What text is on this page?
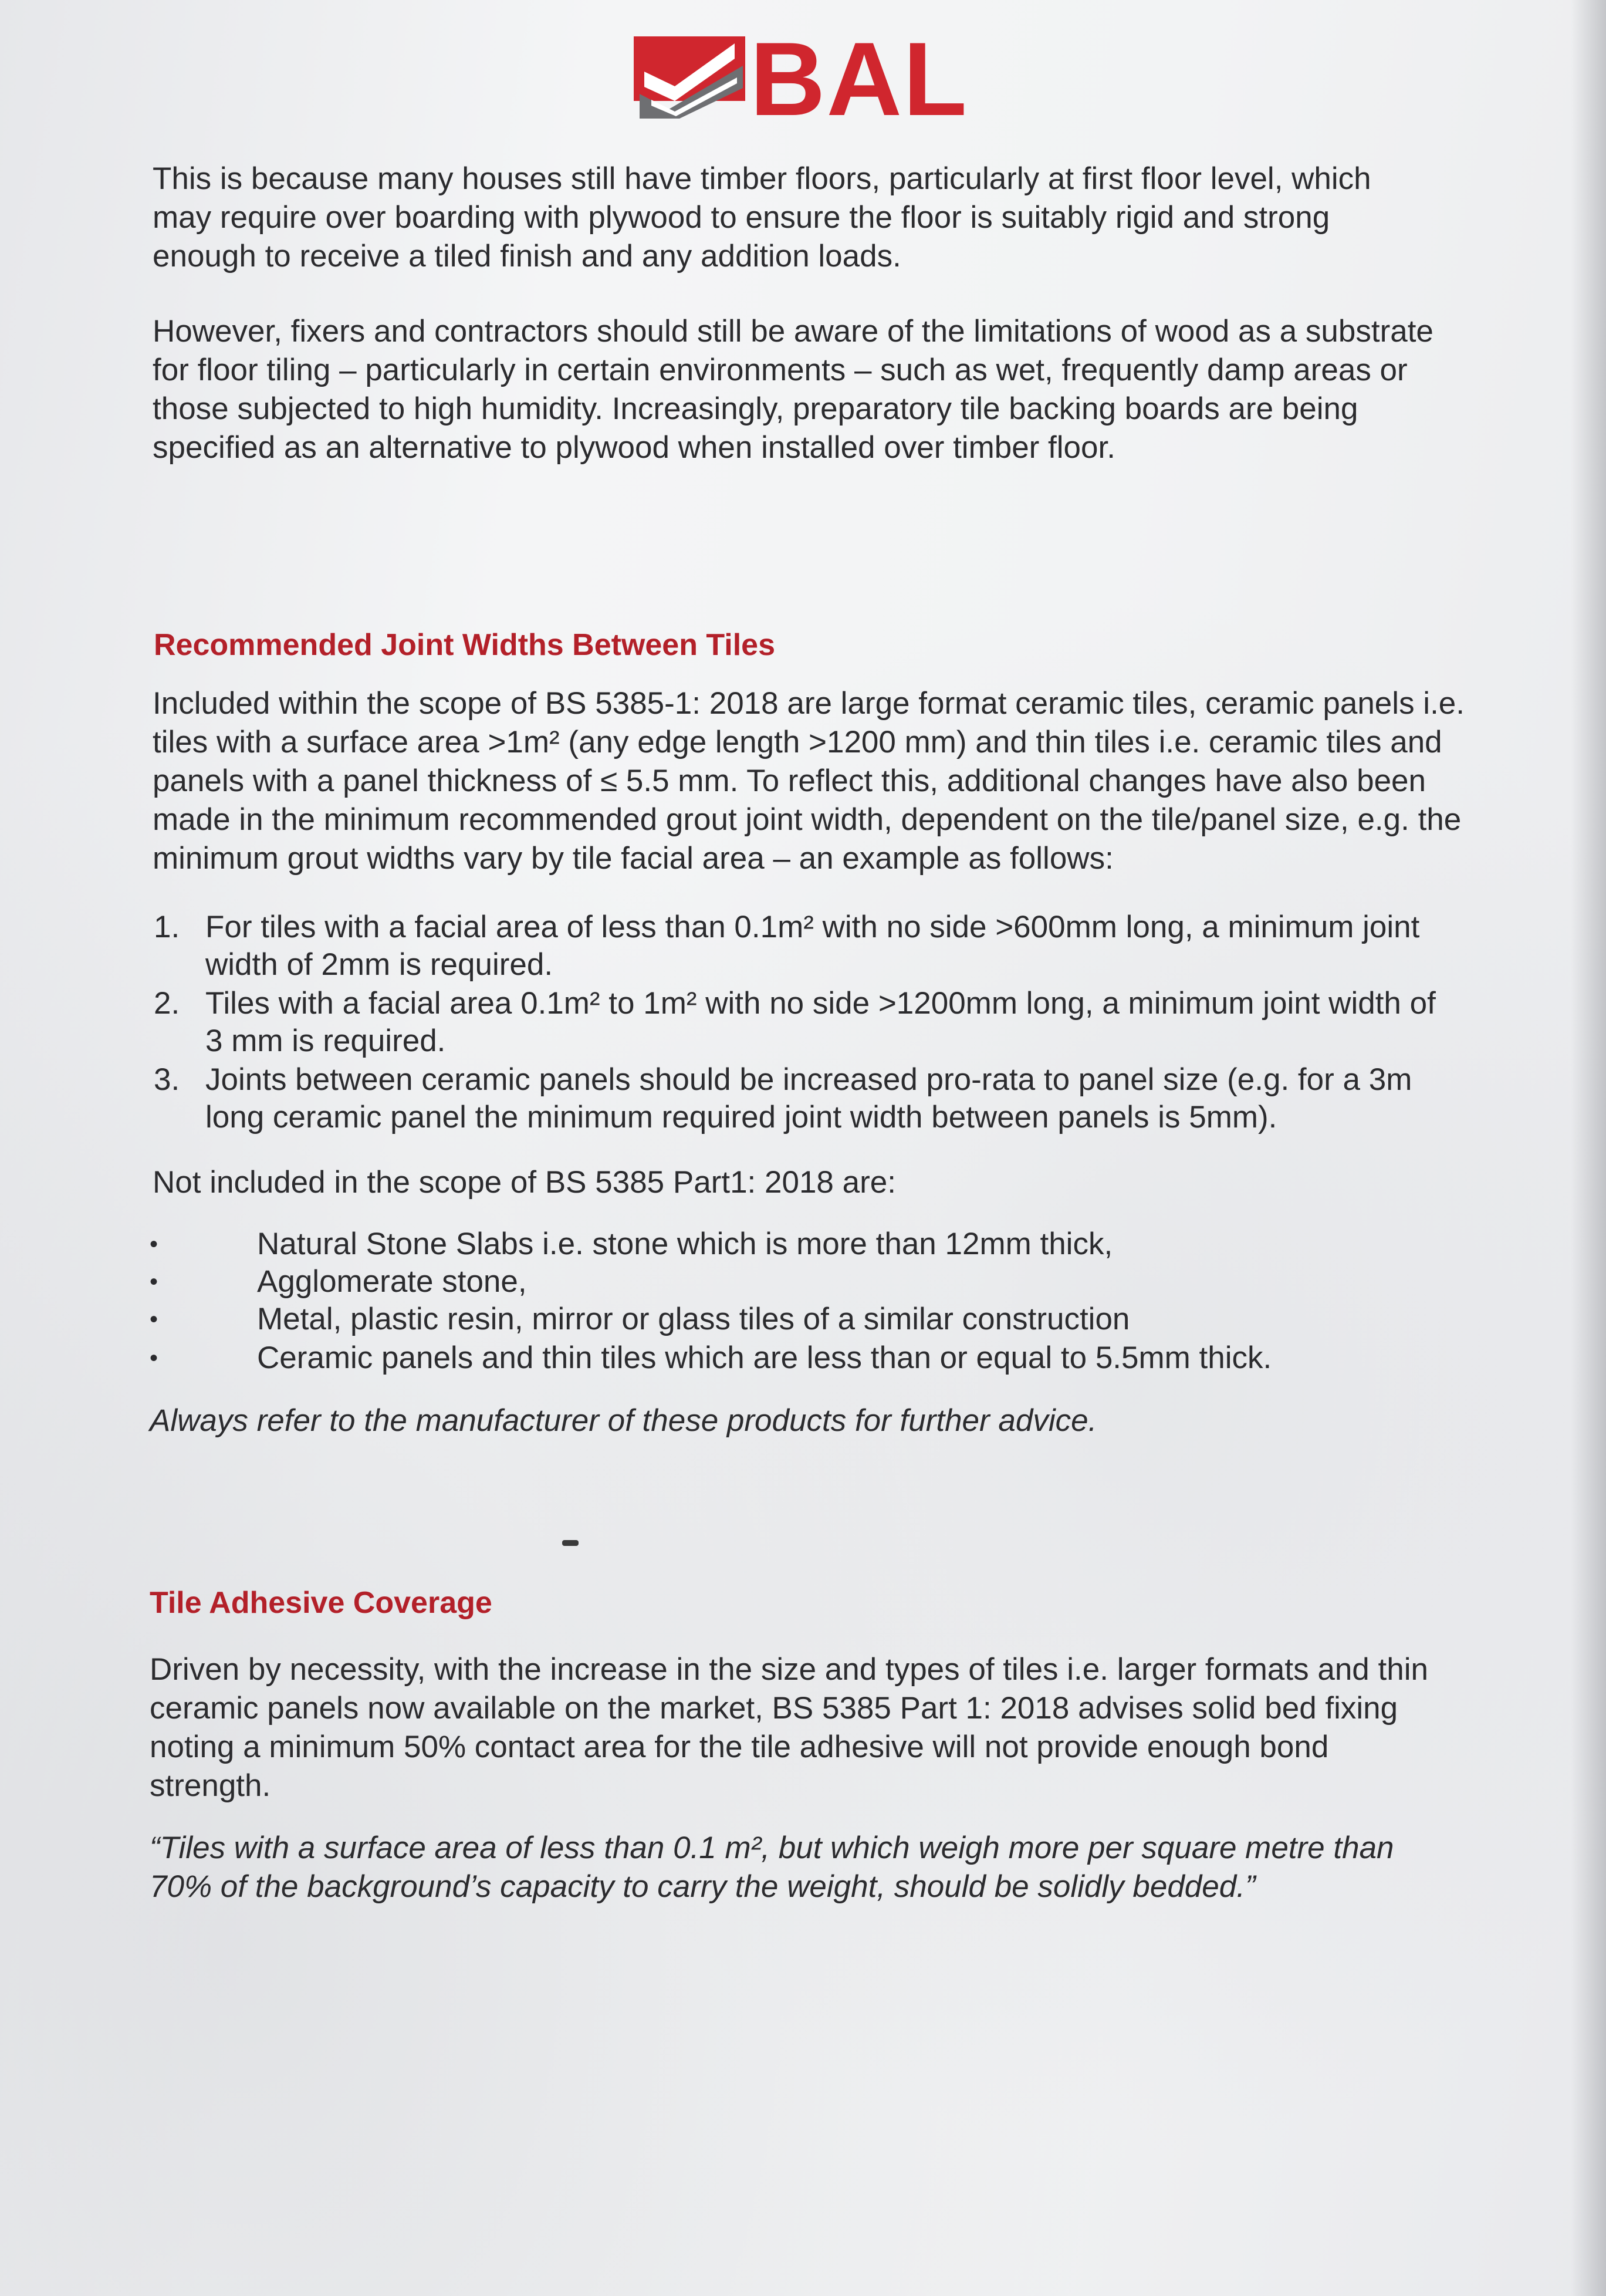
BAL
This is because many houses still have timber floors, particularly at first floor level, which may require over boarding with plywood to ensure the floor is suitably rigid and strong enough to receive a tiled finish and any addition loads.
However, fixers and contractors should still be aware of the limitations of wood as a substrate for floor tiling – particularly in certain environments – such as wet, frequently damp areas or those subjected to high humidity. Increasingly, preparatory tile backing boards are being specified as an alternative to plywood when installed over timber floor.
Recommended Joint Widths Between Tiles
Included within the scope of BS 5385-1: 2018 are large format ceramic tiles, ceramic panels i.e. tiles with a surface area >1m² (any edge length >1200 mm) and thin tiles i.e. ceramic tiles and panels with a panel thickness of ≤ 5.5 mm. To reflect this, additional changes have also been made in the minimum recommended grout joint width, dependent on the tile/panel size, e.g. the minimum grout widths vary by tile facial area – an example as follows:
1. For tiles with a facial area of less than 0.1m² with no side >600mm long, a minimum joint width of 2mm is required.
2. Tiles with a facial area 0.1m² to 1m² with no side >1200mm long, a minimum joint width of 3 mm is required.
3. Joints between ceramic panels should be increased pro-rata to panel size (e.g. for a 3m long ceramic panel the minimum required joint width between panels is 5mm).
Not included in the scope of BS 5385 Part1: 2018 are:
•	Natural Stone Slabs i.e. stone which is more than 12mm thick,
•	Agglomerate stone,
•	Metal, plastic resin, mirror or glass tiles of a similar construction
•	Ceramic panels and thin tiles which are less than or equal to 5.5mm thick.
Always refer to the manufacturer of these products for further advice.
Tile Adhesive Coverage
Driven by necessity, with the increase in the size and types of tiles i.e. larger formats and thin ceramic panels now available on the market, BS 5385 Part 1: 2018 advises solid bed fixing noting a minimum 50% contact area for the tile adhesive will not provide enough bond strength.
“Tiles with a surface area of less than 0.1 m², but which weigh more per square metre than 70% of the background’s capacity to carry the weight, should be solidly bedded.”
